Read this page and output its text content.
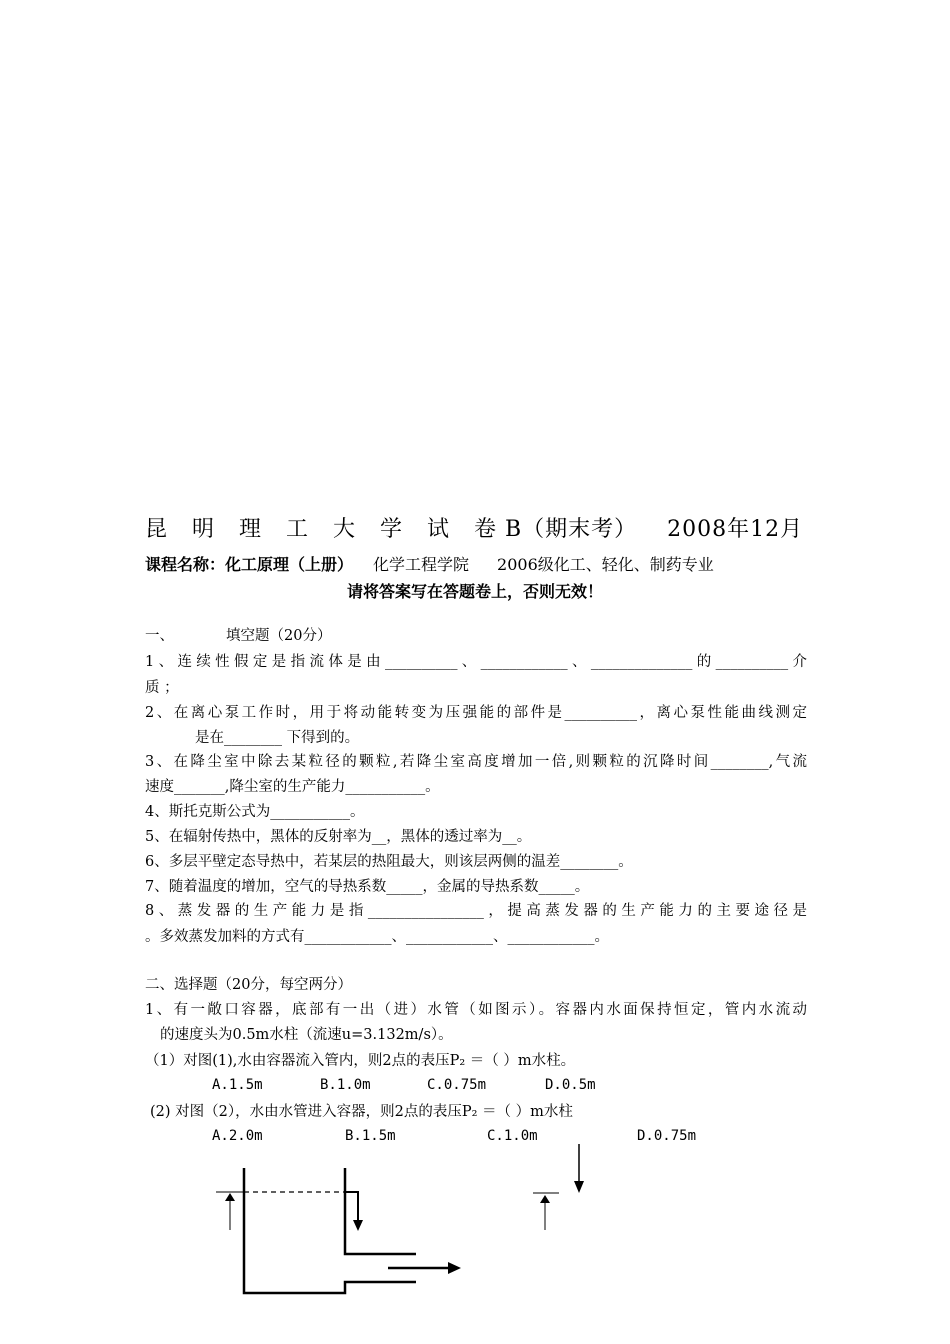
昆 明 理 工 大 学 试 卷B（期末考） 2008年12月
课程名称：化工原理（上册） 化学工程学院 2006级化工、轻化、制药专业
请将答案写在答题卷上，否则无效！
一、	填空题（20分）
1、连续性假定是指流体是由__________、____________、______________的__________介
质 ；
2、在离心泵工作时，用于将动能转变为压强能的部件是__________，离心泵性能曲线测定
是在________ 下得到的。
3、在降尘室中除去某粒径的颗粒,若降尘室高度增加一倍,则颗粒的沉降时间________,气流
速度_______,降尘室的生产能力___________。
4、斯托克斯公式为___________。
5、在辐射传热中，黑体的反射率为__，黑体的透过率为__。
6、多层平壁定态导热中，若某层的热阻最大，则该层两侧的温差________。
7、随着温度的增加，空气的导热系数_____，金属的导热系数_____。
8、蒸发器的生产能力是指________________，提高蒸发器的生产能力的主要途径是
。多效蒸发加料的方式有____________、____________、____________。
二、选择题（20分，每空两分）
1、有一敞口容器，底部有一出（进）水管（如图示）。容器内水面保持恒定，管内水流动
的速度头为0.5m水柱（流速u=3.132m/s）。
（1）对图(1),水由容器流入管内，则2点的表压P₂ ＝（ ）m水柱。
A.1.5m	B.1.0m	C.0.75m	D.0.5m
(2) 对图（2），水由水管进入容器，则2点的表压P₂ ＝（ ）m水柱
A.2.0m	B.1.5m	C.1.0m	D.0.75m
